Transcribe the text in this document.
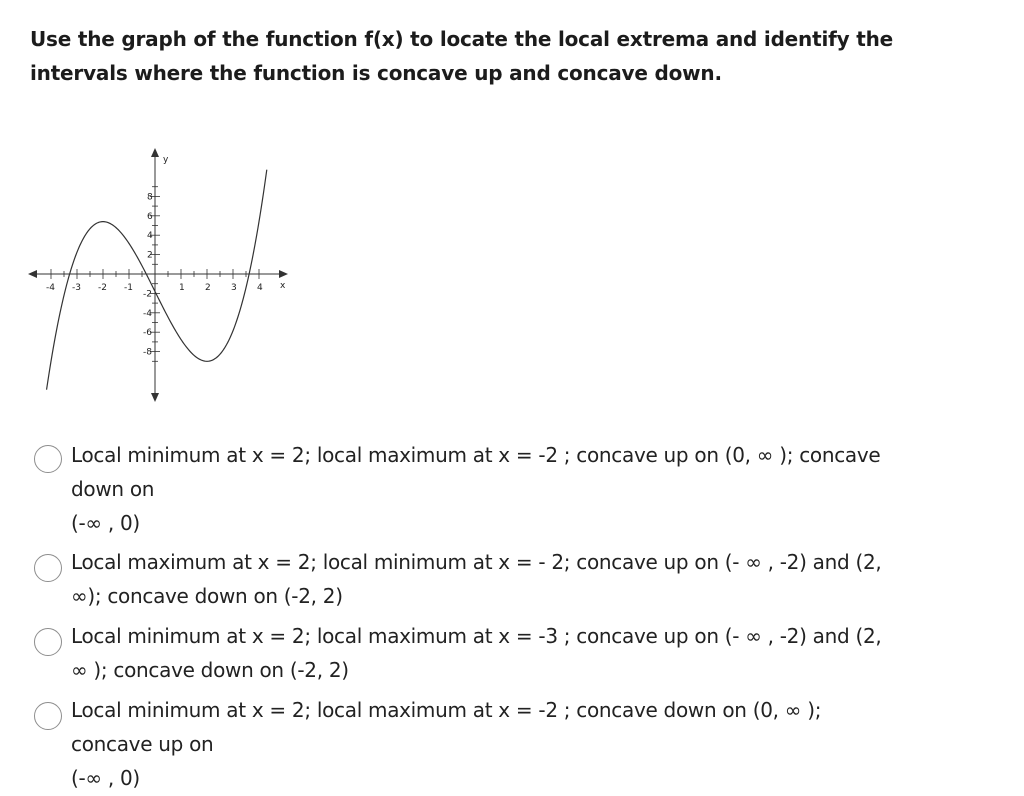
Use the graph of the function f(x) to locate the local extrema and identify the intervals where the function is concave up and concave down.
-4 -3 -2 -1	1 2 3 4
8
6
4
2
-2
-4
-6
-8
x
y
Local minimum at x = 2; local maximum at x = -2 ; concave up on (0, ∞ ); concave
down on
(-∞ , 0)
Local maximum at x = 2; local minimum at x = - 2; concave up on (- ∞ , -2) and (2,
∞); concave down on (-2, 2)
Local minimum at x = 2; local maximum at x = -3 ; concave up on (- ∞ , -2) and (2,
∞ ); concave down on (-2, 2)
Local minimum at x = 2; local maximum at x = -2 ; concave down on (0, ∞ );
concave up on
(-∞ , 0)
